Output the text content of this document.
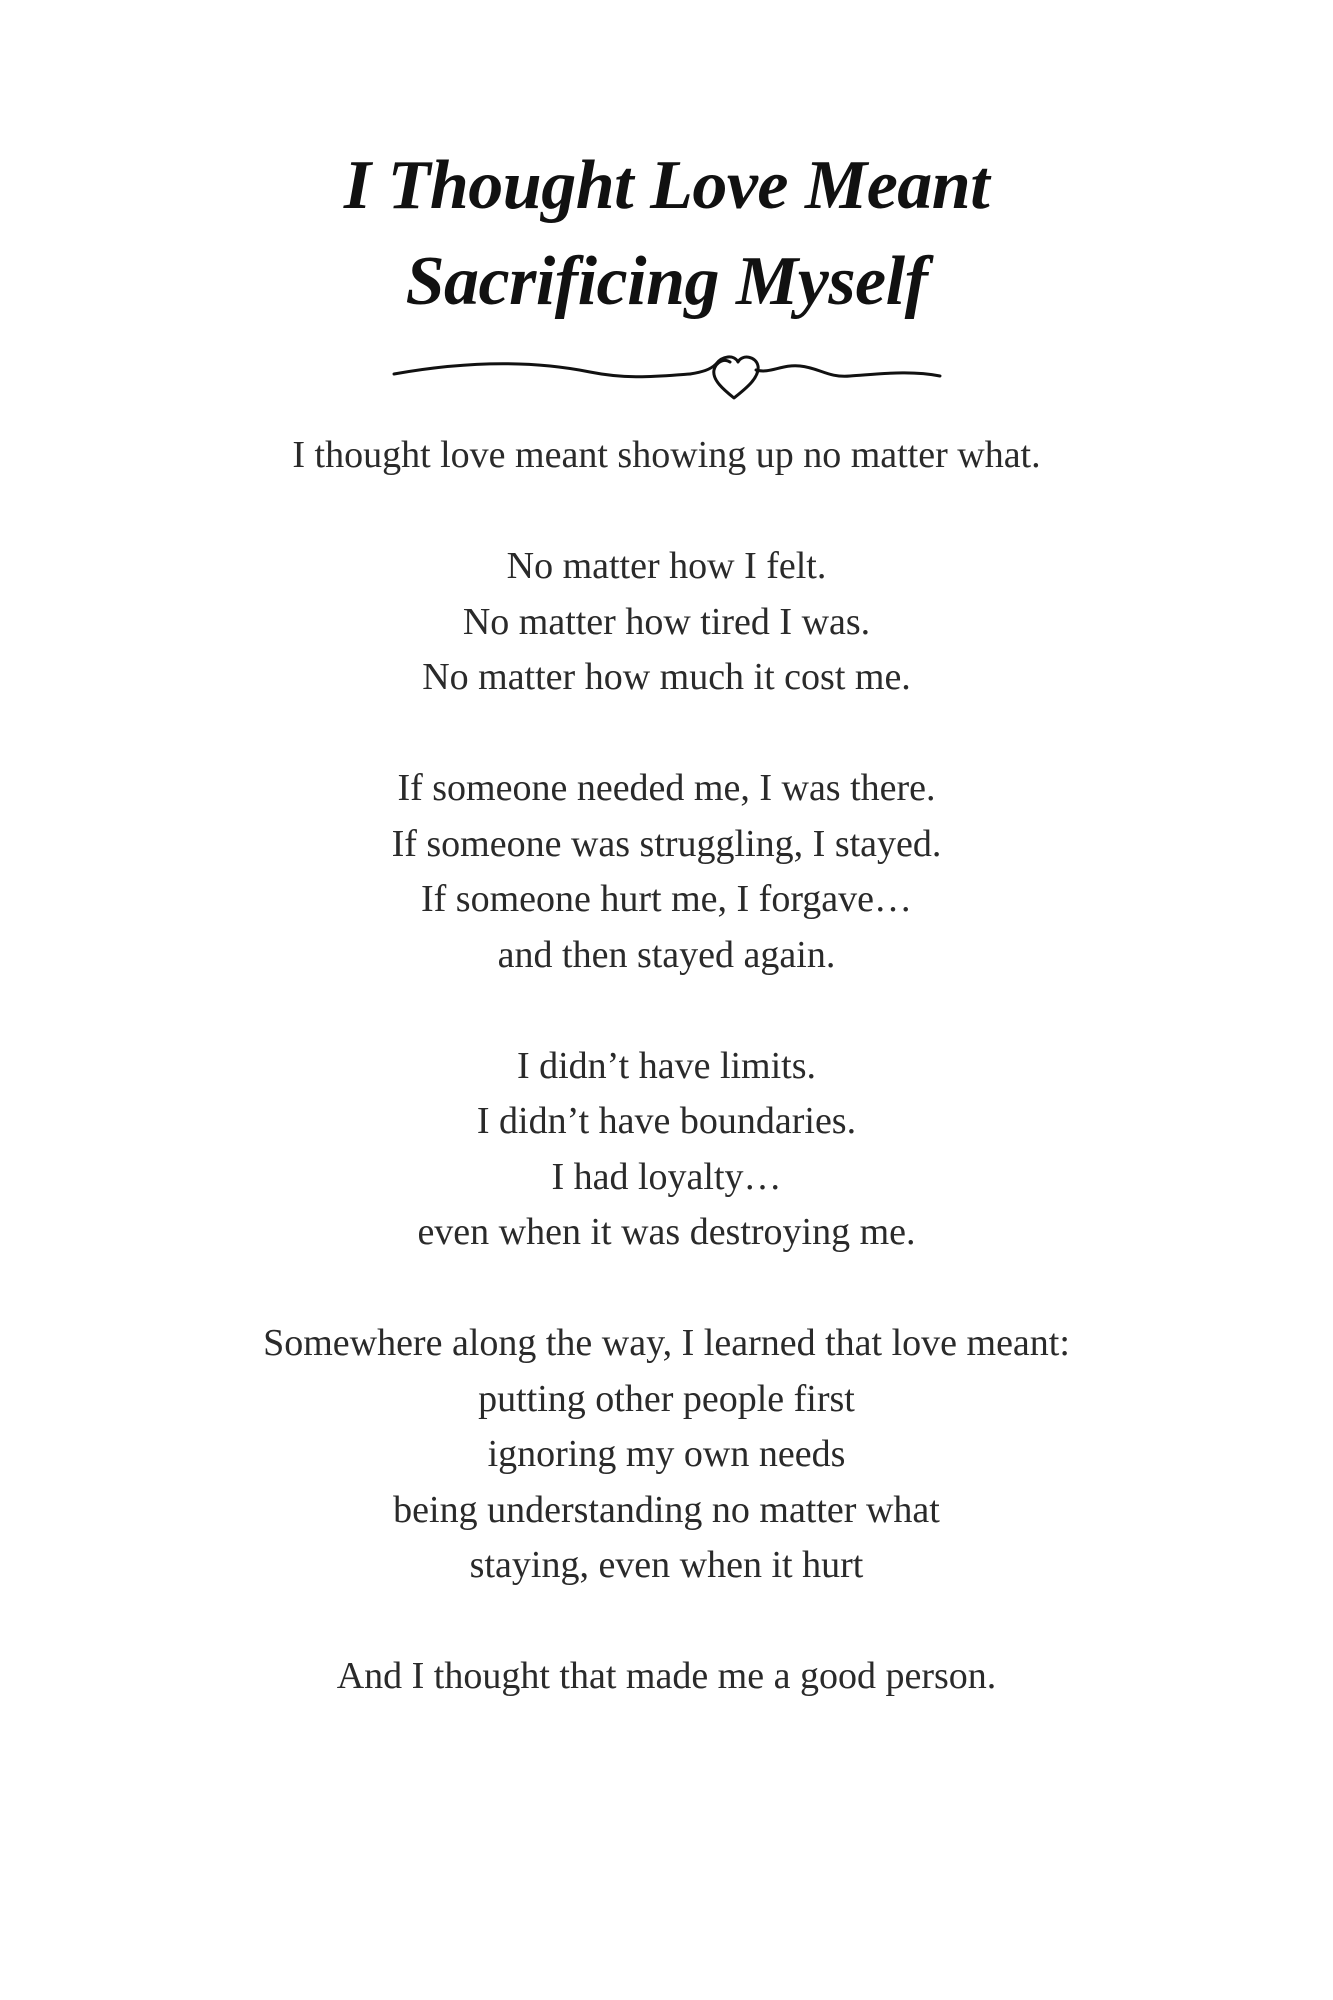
I Thought Love Meant
Sacrificing Myself

I thought love meant showing up no matter what.

No matter how I felt.
No matter how tired I was.
No matter how much it cost me.

If someone needed me, I was there.
If someone was struggling, I stayed.
If someone hurt me, I forgave…
and then stayed again.

I didn’t have limits.
I didn’t have boundaries.
I had loyalty…
even when it was destroying me.

Somewhere along the way, I learned that love meant:
putting other people first
ignoring my own needs
being understanding no matter what
staying, even when it hurt

And I thought that made me a good person.
